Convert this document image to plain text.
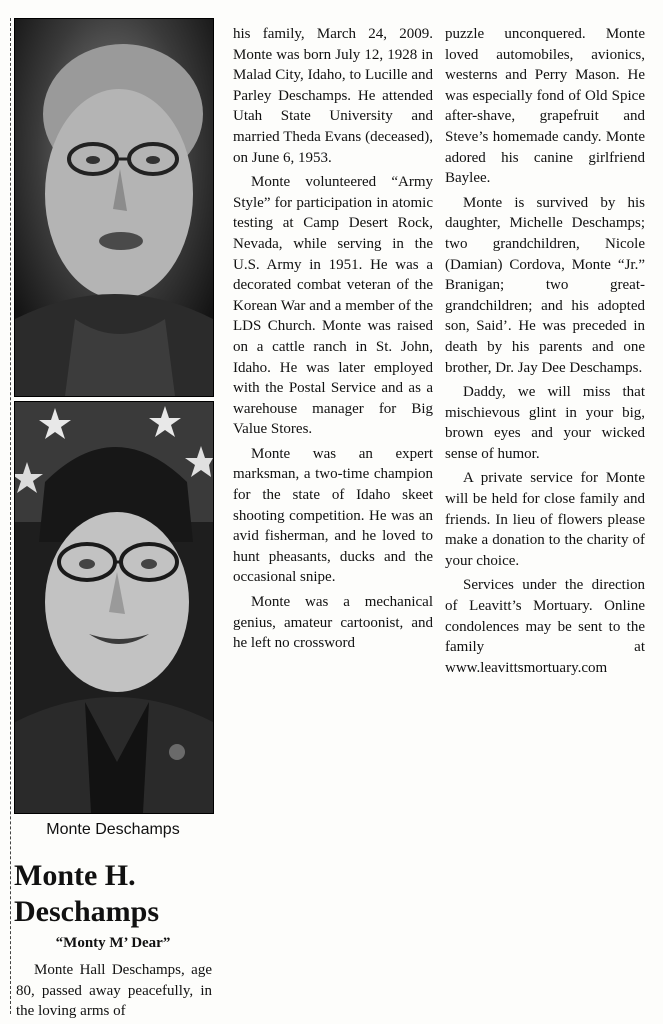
Monte Deschamps
Monte H. Deschamps
“Monty M’ Dear”

Monte Hall Deschamps, age 80, passed away peacefully, in the loving arms of

his family, March 24, 2009. Monte was born July 12, 1928 in Malad City, Idaho, to Lucille and Parley Deschamps. He attended Utah State University and married Theda Evans (deceased), on June 6, 1953.

Monte volunteered “Army Style” for participation in atomic testing at Camp Desert Rock, Nevada, while serving in the U.S. Army in 1951. He was a decorated combat veteran of the Korean War and a member of the LDS Church. Monte was raised on a cattle ranch in St. John, Idaho. He was later employed with the Postal Service and as a warehouse manager for Big Value Stores.

Monte was an expert marksman, a two-time champion for the state of Idaho skeet shooting competition. He was an avid fisherman, and he loved to hunt pheasants, ducks and the occasional snipe.

Monte was a mechanical genius, amateur cartoonist, and he left no crossword

puzzle unconquered. Monte loved automobiles, avionics, westerns and Perry Mason. He was especially fond of Old Spice after-shave, grapefruit and Steve’s homemade candy. Monte adored his canine girlfriend Baylee.

Monte is survived by his daughter, Michelle Deschamps; two grandchildren, Nicole (Damian) Cordova, Monte “Jr.” Branigan; two great-grandchildren; and his adopted son, Said’. He was preceded in death by his parents and one brother, Dr. Jay Dee Deschamps.

Daddy, we will miss that mischievous glint in your big, brown eyes and your wicked sense of humor.

A private service for Monte will be held for close family and friends. In lieu of flowers please make a donation to the charity of your choice.

Services under the direction of Leavitt’s Mortuary. Online condolences may be sent to the family at www.leavittsmortuary.com
